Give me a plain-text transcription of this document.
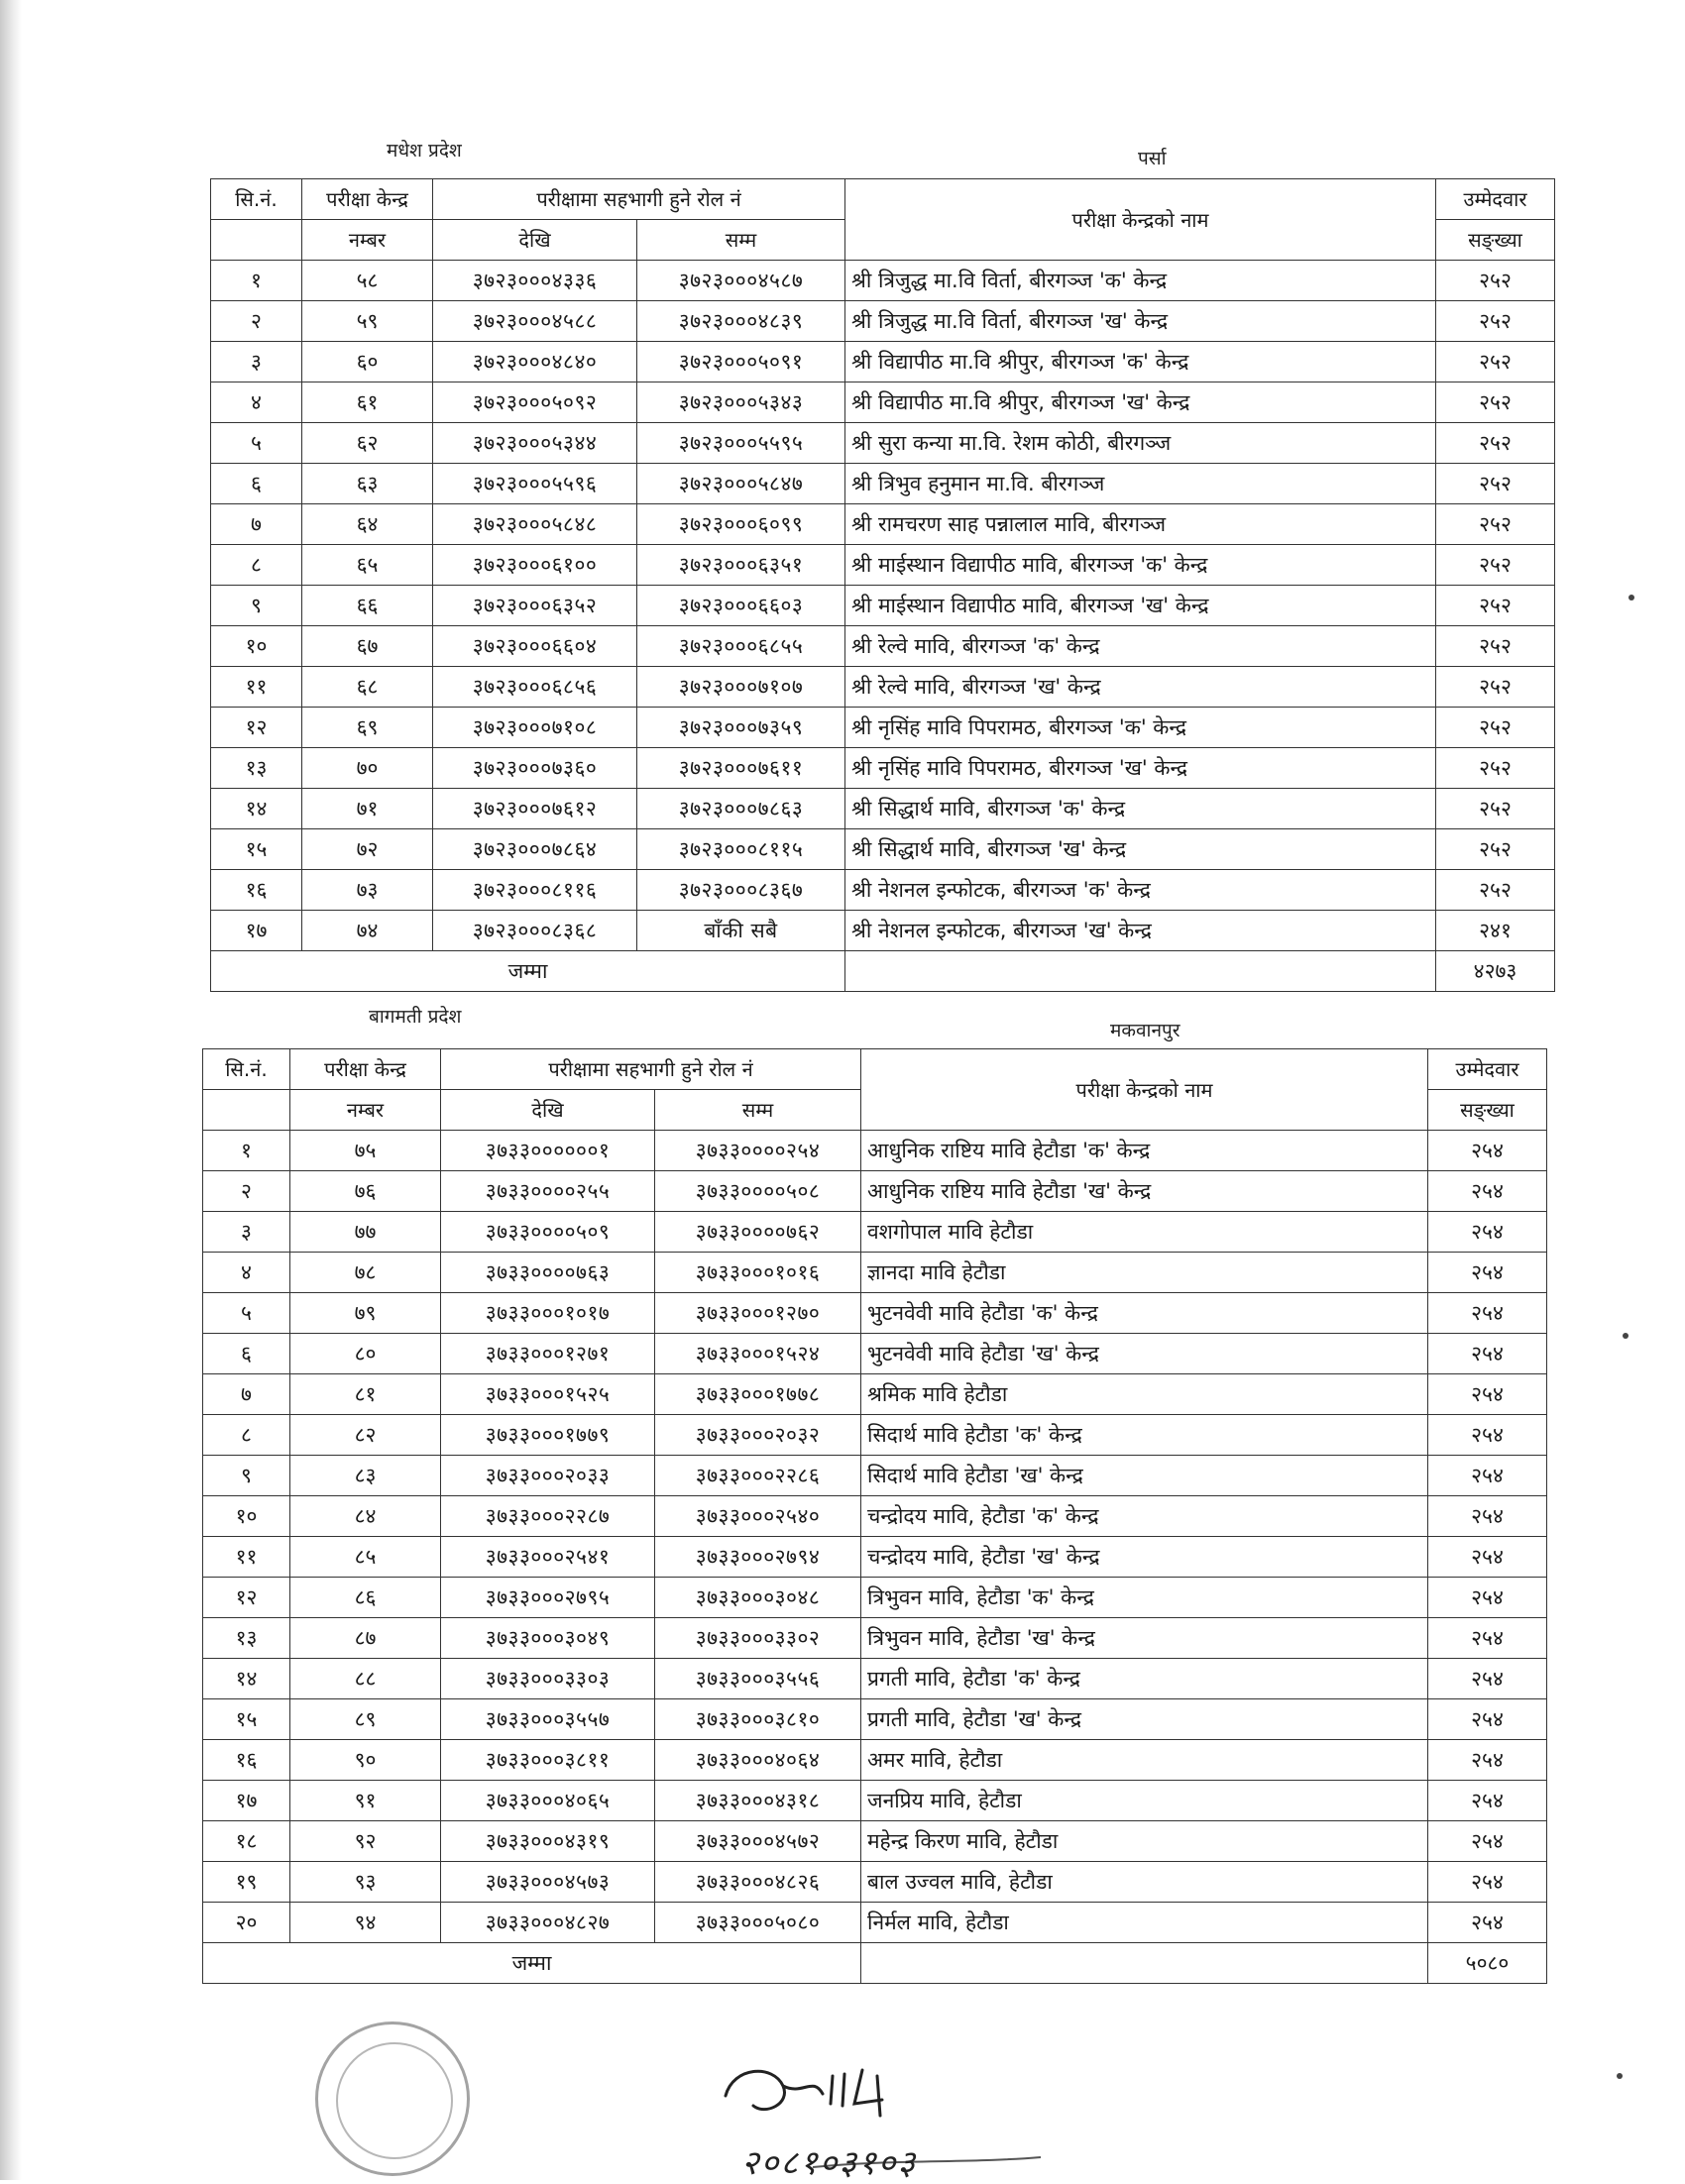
मधेश प्रदेश	पर्सा
सि.नं.	परीक्षा केन्द्र	परीक्षामा सहभागी हुने रोल नं		परीक्षा केन्द्रको नाम	उम्मेदवार
	नम्बर	देखि	सम्म		सङ्ख्या
१	५८	३७२३०००४३३६	३७२३०००४५८७	श्री त्रिजुद्ध मा.वि विर्ता, बीरगञ्ज 'क' केन्द्र	२५२
२	५९	३७२३०००४५८८	३७२३०००४८३९	श्री त्रिजुद्ध मा.वि विर्ता, बीरगञ्ज 'ख' केन्द्र	२५२
३	६०	३७२३०००४८४०	३७२३०००५०९१	श्री विद्यापीठ मा.वि श्रीपुर, बीरगञ्ज 'क' केन्द्र	२५२
४	६१	३७२३०००५०९२	३७२३०००५३४३	श्री विद्यापीठ मा.वि श्रीपुर, बीरगञ्ज 'ख' केन्द्र	२५२
५	६२	३७२३०००५३४४	३७२३०००५५९५	श्री सुरा कन्या मा.वि. रेशम कोठी, बीरगञ्ज	२५२
६	६३	३७२३०००५५९६	३७२३०००५८४७	श्री त्रिभुव हनुमान मा.वि. बीरगञ्ज	२५२
७	६४	३७२३०००५८४८	३७२३०००६०९९	श्री रामचरण साह पन्नालाल मावि, बीरगञ्ज	२५२
८	६५	३७२३०००६१००	३७२३०००६३५१	श्री माईस्थान विद्यापीठ मावि, बीरगञ्ज 'क' केन्द्र	२५२
९	६६	३७२३०००६३५२	३७२३०००६६०३	श्री माईस्थान विद्यापीठ मावि, बीरगञ्ज 'ख' केन्द्र	२५२
१०	६७	३७२३०००६६०४	३७२३०००६८५५	श्री रेल्वे मावि, बीरगञ्ज 'क' केन्द्र	२५२
११	६८	३७२३०००६८५६	३७२३०००७१०७	श्री रेल्वे मावि, बीरगञ्ज 'ख' केन्द्र	२५२
१२	६९	३७२३०००७१०८	३७२३०००७३५९	श्री नृसिंह मावि पिपरामठ, बीरगञ्ज 'क' केन्द्र	२५२
१३	७०	३७२३०००७३६०	३७२३०००७६११	श्री नृसिंह मावि पिपरामठ, बीरगञ्ज 'ख' केन्द्र	२५२
१४	७१	३७२३०००७६१२	३७२३०००७८६३	श्री सिद्धार्थ मावि, बीरगञ्ज 'क' केन्द्र	२५२
१५	७२	३७२३०००७८६४	३७२३०००८११५	श्री सिद्धार्थ मावि, बीरगञ्ज 'ख' केन्द्र	२५२
१६	७३	३७२३०००८११६	३७२३०००८३६७	श्री नेशनल इन्फोटक, बीरगञ्ज 'क' केन्द्र	२५२
१७	७४	३७२३०००८३६८	बाँकी सबै	श्री नेशनल इन्फोटक, बीरगञ्ज 'ख' केन्द्र	२४१
जम्मा					४२७३
बागमती प्रदेश
मकवानपुर
सि.नं.	परीक्षा केन्द्र	परीक्षामा सहभागी हुने रोल नं		परीक्षा केन्द्रको नाम	उम्मेदवार
	नम्बर	देखि	सम्म		सङ्ख्या
१	७५	३७३३००००००१	३७३३००००२५४	आधुनिक राष्टिय मावि हेटौडा 'क' केन्द्र	२५४
२	७६	३७३३००००२५५	३७३३००००५०८	आधुनिक राष्टिय मावि हेटौडा 'ख' केन्द्र	२५४
३	७७	३७३३००००५०९	३७३३००००७६२	वशगोपाल मावि हेटौडा	२५४
४	७८	३७३३००००७६३	३७३३०००१०१६	ज्ञानदा मावि हेटौडा	२५४
५	७९	३७३३०००१०१७	३७३३०००१२७०	भुटनवेवी मावि हेटौडा 'क' केन्द्र	२५४
६	८०	३७३३०००१२७१	३७३३०००१५२४	भुटनवेवी मावि हेटौडा 'ख' केन्द्र	२५४
७	८१	३७३३०००१५२५	३७३३०००१७७८	श्रमिक मावि हेटौडा	२५४
८	८२	३७३३०००१७७९	३७३३०००२०३२	सिदार्थ मावि हेटौडा 'क' केन्द्र	२५४
९	८३	३७३३०००२०३३	३७३३०००२२८६	सिदार्थ मावि हेटौडा 'ख' केन्द्र	२५४
१०	८४	३७३३०००२२८७	३७३३०००२५४०	चन्द्रोदय मावि, हेटौडा 'क' केन्द्र	२५४
११	८५	३७३३०००२५४१	३७३३०००२७९४	चन्द्रोदय मावि, हेटौडा 'ख' केन्द्र	२५४
१२	८६	३७३३०००२७९५	३७३३०००३०४८	त्रिभुवन मावि, हेटौडा 'क' केन्द्र	२५४
१३	८७	३७३३०००३०४९	३७३३०००३३०२	त्रिभुवन मावि, हेटौडा 'ख' केन्द्र	२५४
१४	८८	३७३३०००३३०३	३७३३०००३५५६	प्रगती मावि, हेटौडा 'क' केन्द्र	२५४
१५	८९	३७३३०००३५५७	३७३३०००३८१०	प्रगती मावि, हेटौडा 'ख' केन्द्र	२५४
१६	९०	३७३३०००३८११	३७३३०००४०६४	अमर मावि, हेटौडा	२५४
१७	९१	३७३३०००४०६५	३७३३०००४३१८	जनप्रिय मावि, हेटौडा	२५४
१८	९२	३७३३०००४३१९	३७३३०००४५७२	महेन्द्र किरण मावि, हेटौडा	२५४
१९	९३	३७३३०००४५७३	३७३३०००४८२६	बाल उज्वल मावि, हेटौडा	२५४
२०	९४	३७३३०००४८२७	३७३३०००५०८०	निर्मल मावि, हेटौडा	२५४
जम्मा					५०८०
२०८१०३१०३
